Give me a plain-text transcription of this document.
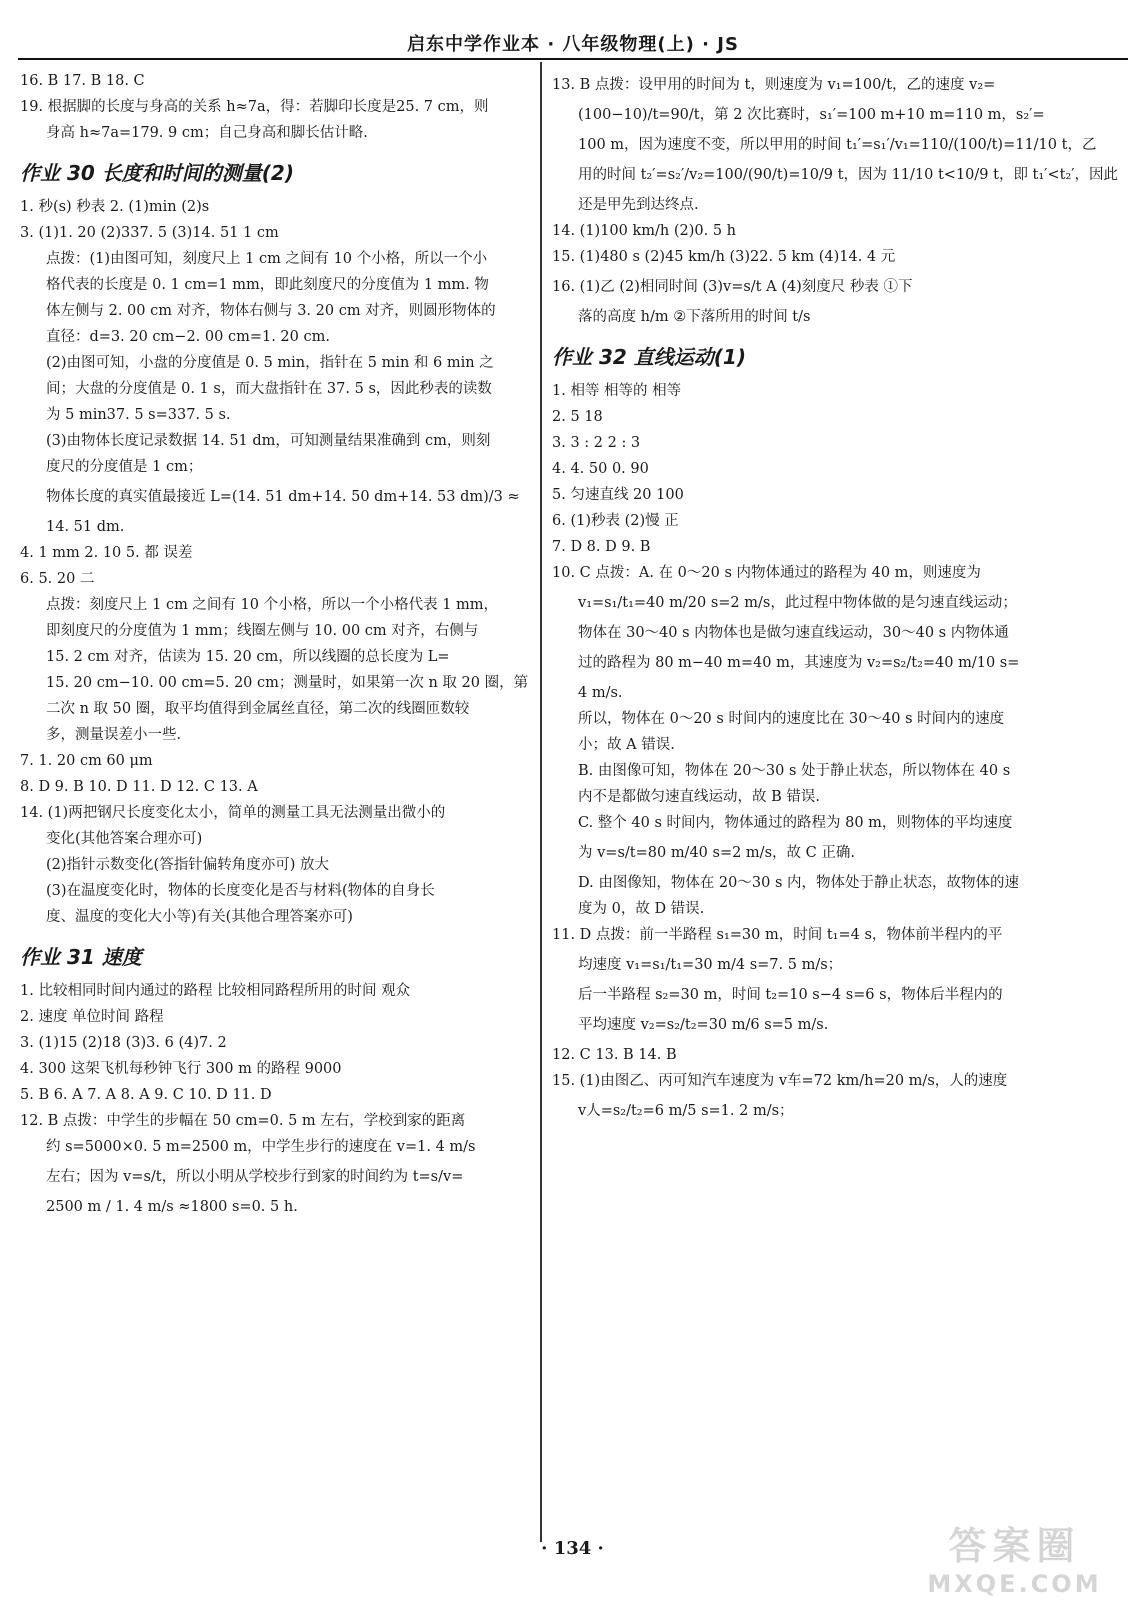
启东中学作业本 · 八年级物理(上) · JS
16. B 17. B 18. C
19. 根据脚的长度与身高的关系 h≈7a，得：若脚印长度是25. 7 cm，则
身高 h≈7a=179. 9 cm；自己身高和脚长估计略.
作业 30 长度和时间的测量(2)
1. 秒(s) 秒表 2. (1)min (2)s
3. (1)1. 20 (2)337. 5 (3)14. 51 1 cm
点拨：(1)由图可知，刻度尺上 1 cm 之间有 10 个小格，所以一个小
格代表的长度是 0. 1 cm=1 mm，即此刻度尺的分度值为 1 mm. 物
体左侧与 2. 00 cm 对齐，物体右侧与 3. 20 cm 对齐，则圆形物体的
直径：d=3. 20 cm−2. 00 cm=1. 20 cm.
(2)由图可知，小盘的分度值是 0. 5 min，指针在 5 min 和 6 min 之
间；大盘的分度值是 0. 1 s，而大盘指针在 37. 5 s，因此秒表的读数
为 5 min37. 5 s=337. 5 s.
(3)由物体长度记录数据 14. 51 dm，可知测量结果准确到 cm，则刻
度尺的分度值是 1 cm；
物体长度的真实值最接近 L=(14. 51 dm+14. 50 dm+14. 53 dm)/3 ≈
14. 51 dm.
4. 1 mm 2. 10 5. 都 误差
6. 5. 20 二
点拨：刻度尺上 1 cm 之间有 10 个小格，所以一个小格代表 1 mm，
即刻度尺的分度值为 1 mm；线圈左侧与 10. 00 cm 对齐，右侧与
15. 2 cm 对齐，估读为 15. 20 cm，所以线圈的总长度为 L=
15. 20 cm−10. 00 cm=5. 20 cm；测量时，如果第一次 n 取 20 圈，第
二次 n 取 50 圈，取平均值得到金属丝直径，第二次的线圈匝数较
多，测量误差小一些.
7. 1. 20 cm 60 μm
8. D 9. B 10. D 11. D 12. C 13. A
14. (1)两把钢尺长度变化太小，简单的测量工具无法测量出微小的
变化(其他答案合理亦可)
(2)指针示数变化(答指针偏转角度亦可) 放大
(3)在温度变化时，物体的长度变化是否与材料(物体的自身长
度、温度的变化大小等)有关(其他合理答案亦可)
作业 31 速度
1. 比较相同时间内通过的路程 比较相同路程所用的时间 观众
2. 速度 单位时间 路程
3. (1)15 (2)18 (3)3. 6 (4)7. 2
4. 300 这架飞机每秒钟飞行 300 m 的路程 9000
5. B 6. A 7. A 8. A 9. C 10. D 11. D
12. B 点拨：中学生的步幅在 50 cm=0. 5 m 左右，学校到家的距离
约 s=5000×0. 5 m=2500 m，中学生步行的速度在 v=1. 4 m/s
左右；因为 v=s/t，所以小明从学校步行到家的时间约为 t=s/v=
2500 m / 1. 4 m/s ≈1800 s=0. 5 h.
13. B 点拨：设甲用的时间为 t，则速度为 v₁=100/t，乙的速度 v₂=
(100−10)/t=90/t，第 2 次比赛时，s₁′=100 m+10 m=110 m，s₂′=
100 m，因为速度不变，所以甲用的时间 t₁′=s₁′/v₁=110/(100/t)=11/10 t，乙
用的时间 t₂′=s₂′/v₂=100/(90/t)=10/9 t，因为 11/10 t<10/9 t，即 t₁′<t₂′，因此
还是甲先到达终点.
14. (1)100 km/h (2)0. 5 h
15. (1)480 s (2)45 km/h (3)22. 5 km (4)14. 4 元
16. (1)乙 (2)相同时间 (3)v=s/t A (4)刻度尺 秒表 ①下
落的高度 h/m ②下落所用的时间 t/s
作业 32 直线运动(1)
1. 相等 相等的 相等
2. 5 18
3. 3 : 2 2 : 3
4. 4. 50 0. 90
5. 匀速直线 20 100
6. (1)秒表 (2)慢 正
7. D 8. D 9. B
10. C 点拨：A. 在 0～20 s 内物体通过的路程为 40 m，则速度为
v₁=s₁/t₁=40 m/20 s=2 m/s，此过程中物体做的是匀速直线运动；
物体在 30～40 s 内物体也是做匀速直线运动，30～40 s 内物体通
过的路程为 80 m−40 m=40 m，其速度为 v₂=s₂/t₂=40 m/10 s=
4 m/s.
所以，物体在 0～20 s 时间内的速度比在 30～40 s 时间内的速度
小；故 A 错误.
B. 由图像可知，物体在 20～30 s 处于静止状态，所以物体在 40 s
内不是都做匀速直线运动，故 B 错误.
C. 整个 40 s 时间内，物体通过的路程为 80 m，则物体的平均速度
为 v=s/t=80 m/40 s=2 m/s，故 C 正确.
D. 由图像知，物体在 20～30 s 内，物体处于静止状态，故物体的速
度为 0，故 D 错误.
11. D 点拨：前一半路程 s₁=30 m，时间 t₁=4 s，物体前半程内的平
均速度 v₁=s₁/t₁=30 m/4 s=7. 5 m/s；
后一半路程 s₂=30 m，时间 t₂=10 s−4 s=6 s，物体后半程内的
平均速度 v₂=s₂/t₂=30 m/6 s=5 m/s.
12. C 13. B 14. B
15. (1)由图乙、丙可知汽车速度为 v车=72 km/h=20 m/s，人的速度
v人=s₂/t₂=6 m/5 s=1. 2 m/s；
· 134 ·	答案圈
MXQE.COM
